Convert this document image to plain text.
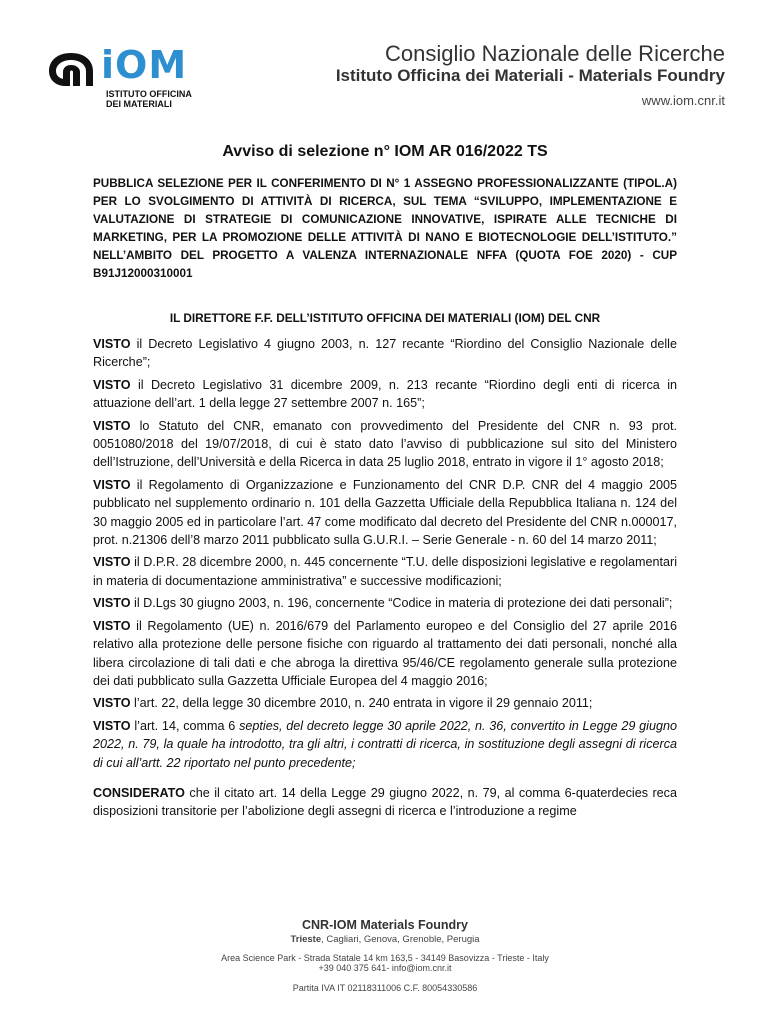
iOM
ISTITUTO OFFICINA
DEI MATERIALI
Consiglio Nazionale delle Ricerche
Istituto Officina dei Materiali - Materials Foundry
www.iom.cnr.it
Avviso di selezione n° IOM AR 016/2022 TS

PUBBLICA SELEZIONE PER IL CONFERIMENTO DI N° 1 ASSEGNO PROFESSIONALIZZANTE (TIPOL.A) PER LO SVOLGIMENTO DI ATTIVITÀ DI RICERCA, SUL TEMA “SVILUPPO, IMPLEMENTAZIONE E VALUTAZIONE DI STRATEGIE DI COMUNICAZIONE INNOVATIVE, ISPIRATE ALLE TECNICHE DI MARKETING, PER LA PROMOZIONE DELLE ATTIVITÀ DI NANO E BIOTECNOLOGIE DELL’ISTITUTO.” NELL’AMBITO DEL PROGETTO A VALENZA INTERNAZIONALE NFFA (QUOTA FOE 2020) - CUP B91J12000310001

IL DIRETTORE F.F. DELL’ISTITUTO OFFICINA DEI MATERIALI (IOM) DEL CNR

VISTO il Decreto Legislativo 4 giugno 2003, n. 127 recante “Riordino del Consiglio Nazionale delle Ricerche”;

VISTO il Decreto Legislativo 31 dicembre 2009, n. 213 recante “Riordino degli enti di ricerca in attuazione dell’art. 1 della legge 27 settembre 2007 n. 165”;

VISTO lo Statuto del CNR, emanato con provvedimento del Presidente del CNR n. 93 prot. 0051080/2018 del 19/07/2018, di cui è stato dato l’avviso di pubblicazione sul sito del Ministero dell’Istruzione, dell’Università e della Ricerca in data 25 luglio 2018, entrato in vigore il 1° agosto 2018;

VISTO il Regolamento di Organizzazione e Funzionamento del CNR D.P. CNR del 4 maggio 2005 pubblicato nel supplemento ordinario n. 101 della Gazzetta Ufficiale della Repubblica Italiana n. 124 del 30 maggio 2005 ed in particolare l’art. 47 come modificato dal decreto del Presidente del CNR n.000017, prot. n.21306 dell’8 marzo 2011 pubblicato sulla G.U.R.I. – Serie Generale - n. 60 del 14 marzo 2011;

VISTO il D.P.R. 28 dicembre 2000, n. 445 concernente “T.U. delle disposizioni legislative e regolamentari in materia di documentazione amministrativa” e successive modificazioni;

VISTO il D.Lgs 30 giugno 2003, n. 196, concernente “Codice in materia di protezione dei dati personali”;

VISTO il Regolamento (UE) n. 2016/679 del Parlamento europeo e del Consiglio del 27 aprile 2016 relativo alla protezione delle persone fisiche con riguardo al trattamento dei dati personali, nonché alla libera circolazione di tali dati e che abroga la direttiva 95/46/CE regolamento generale sulla protezione dei dati pubblicato sulla Gazzetta Ufficiale Europea del 4 maggio 2016;

VISTO l’art. 22, della legge 30 dicembre 2010, n. 240 entrata in vigore il 29 gennaio 2011;

VISTO l’art. 14, comma 6 septies, del decreto legge 30 aprile 2022, n. 36, convertito in Legge 29 giugno 2022, n. 79, la quale ha introdotto, tra gli altri, i contratti di ricerca, in sostituzione degli assegni di ricerca di cui all’artt. 22 riportato nel punto precedente;

CONSIDERATO che il citato art. 14 della Legge 29 giugno 2022, n. 79, al comma 6-quaterdecies reca disposizioni transitorie per l’abolizione degli assegni di ricerca e l’introduzione a regime

CNR-IOM Materials Foundry
Trieste, Cagliari, Genova, Grenoble, Perugia
Area Science Park - Strada Statale 14 km 163,5 - 34149 Basovizza - Trieste - Italy
+39 040 375 641- info@iom.cnr.it
Partita IVA IT 02118311006 C.F. 80054330586
